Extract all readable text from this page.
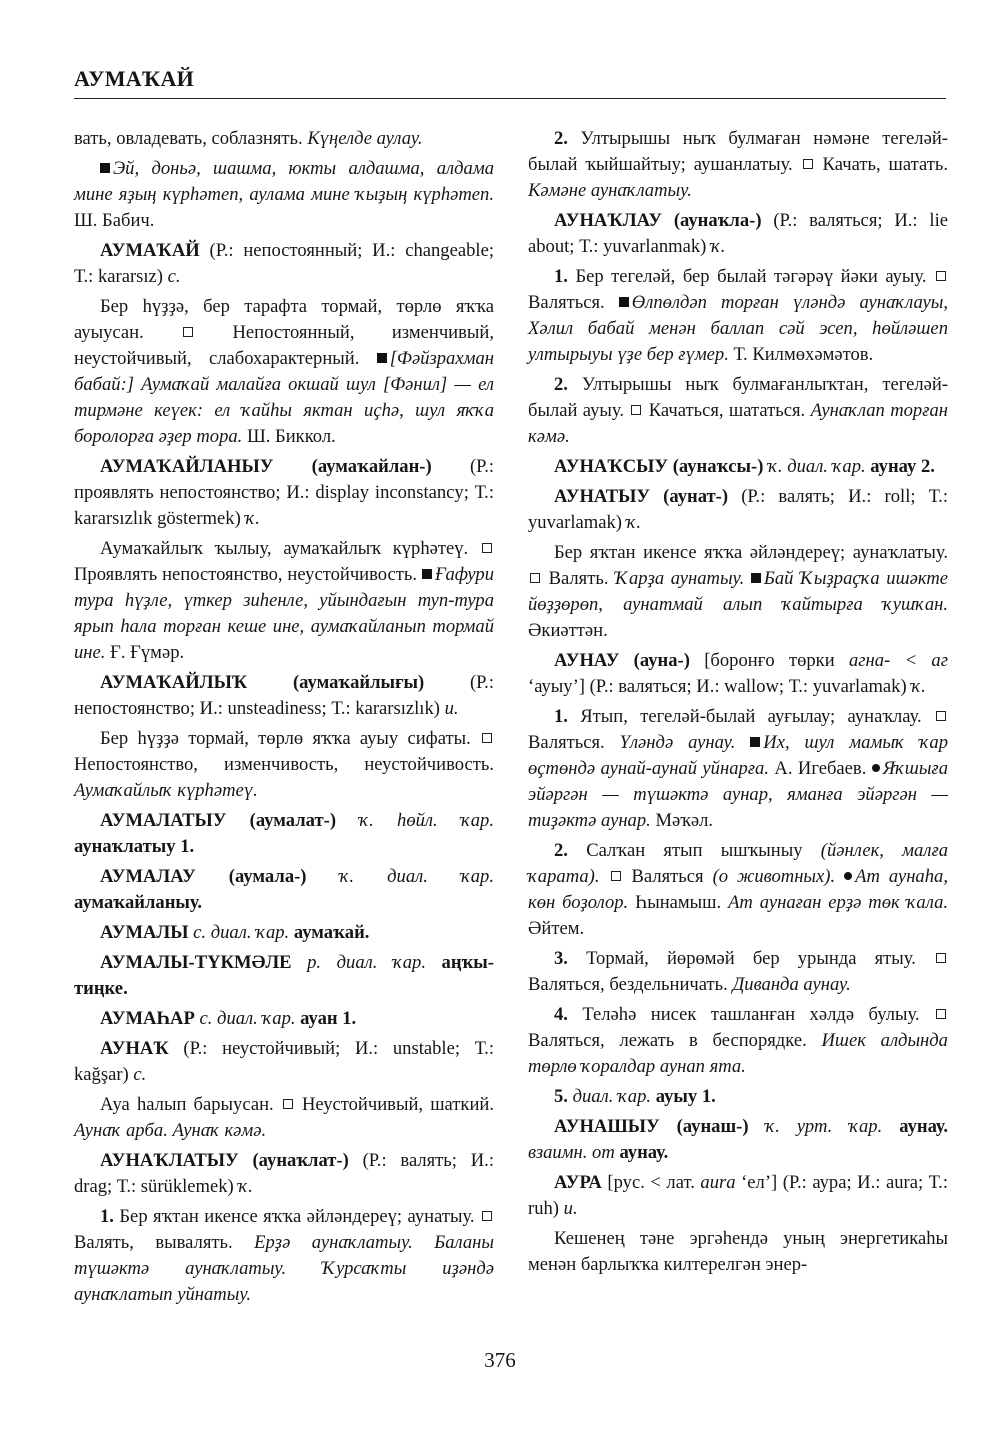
АУМАҠАЙ

вать, овладевать, соблазнять. Күңелде аулау.

Эй, доньə, шашма, юкты алдашма, алдама мине яҙың күрһəтеп, аулама мине ҡыҙың күрһəтеп. Ш. Бабич.

АУМАҠАЙ (Р.: непостоянный; И.: changeable; Т.: kararsız) с.

Бер һүҙҙə, бер тарафта тормай, төрлө яҡҡа ауыусан.  Непостоянный, изменчивый, неустойчивый, слабохарактерный. [Фəйзрахман бабай:] Аумаҡай малайға окшай шул [Фəнил] — ел тирмəне кеүек: ел ҡайһы яктан иҫһə, шул яҡҡа боролорға əҙер тора. Ш. Биккол.

АУМАҠАЙЛАНЫУ (аумаҡайлан-) (Р.: проявлять непостоянство; И.: display inconstancy; Т.: kararsızlık göstermek) ҡ.

Аумаҡайлыҡ ҡылыу, аумаҡайлыҡ күрһəтеү.  Проявлять непостоянство, неустойчивость. Ғафури тура һүҙле, үткер зиһенле, уйындағын туп-тура ярып һала торған кеше ине, аумаҡайланып тормай ине. Ғ. Ғүмəр.

АУМАҠАЙЛЫҠ (аумаҡайлығы) (Р.: непостоянство; И.: unsteadiness; Т.: kararsızlık) и.

Бер һүҙҙə тормай, төрлө яҡҡа ауыу сифаты.  Непостоянство, изменчивость, неустойчивость. Аумаҡайлыҡ күрһəтеү.

АУМАЛАТЫУ (аумалат-) ҡ. һөйл. ҡар. аунаҡлатыу 1.

АУМАЛАУ (аумала-) ҡ. диал. ҡар. аумаҡайланыу.

АУМАЛЫ с. диал. ҡар. аумаҡай.

АУМАЛЫ-ТҮКМƏЛЕ р. диал. ҡар. аңҡы-тиңке.

АУМАҺАР с. диал. ҡар. ауан 1.

АУНАҠ (Р.: неустойчивый; И.: unstable; Т.: kağşar) с.

Ауа һалып барыусан.  Неустойчивый, шаткий. Аунаҡ арба. Аунаҡ кəмə.

АУНАҠЛАТЫУ (аунаҡлат-) (Р.: валять; И.: drag; Т.: sürüklemek) ҡ.

1. Бер яҡтан икенсе яҡҡа əйлəндереү; аунатыу.  Валять, вывалять. Ерҙə аунаҡлатыу. Баланы түшəктə аунаҡлатыу. Ҡурсаҡты иҙəндə аунаҡлатып уйнатыу.

2. Ултырышы ныҡ булмаған нəмəне тегелəй-былай ҡыйшайтыу; аушанлатыу.  Качать, шатать. Кəмəне аунаҡлатыу.

АУНАҠЛАУ (аунаҡла-) (Р.: валяться; И.: lie about; Т.: yuvarlanmak) ҡ.

1. Бер тегелəй, бер былай тəгəрəү йəки ауыу.  Валяться. Өлпөлдəп торған үлəндə аунаҡлауы, Хəлил бабай менəн баллап сəй эсеп, һөйлəшеп ултырыуы үҙе бер ғүмер. Т. Килмөхəмəтов.

2. Ултырышы ныҡ булмағанлыҡтан, тегелəй-былай ауыу.  Качаться, шататься. Аунаҡлап торған кəмə.

АУНАҠСЫУ (аунаҡсы-) ҡ. диал. ҡар. аунау 2.

АУНАТЫУ (аунат-) (Р.: валять; И.: roll; Т.: yuvarlamak) ҡ.

Бер яҡтан икенсе яҡҡа əйлəндереү; аунаҡлатыу.  Валять. Ҡарҙа аунатыу. Бай Ҡыҙраҫҡа ишəкте йөҙҙөрөп, аунатмай алып ҡайтырға ҡушҡан. Əкиəттəн.

АУНАУ (ауна-) [боронғо төрки агна- < аг ‘ауыу’] (Р.: валяться; И.: wallow; Т.: yuvarlamak) ҡ.

1. Ятып, тегелəй-былай ауғылау; аунаҡлау.  Валяться. Үлəндə аунау. Их, шул мамыҡ ҡар өҫтөндə аунай-аунай уйнарға. А. Игебаев. Яҡшыға эйəргəн — түшəктə аунар, яманға эйəргəн — тиҙəктə аунар. Мəҡəл.

2. Салҡан ятып ышҡыныу (йəнлек, малға ҡарата).  Валяться (о животных). Ат аунаһа, көн боҙолор. Һынамыш. Ат аунаған ерҙə төк ҡала. Əйтем.

3. Тормай, йөрөмəй бер урында ятыу.  Валяться, бездельничать. Диванда аунау.

4. Телəһə нисек ташланған хəлдə булыу.  Валяться, лежать в беспорядке. Ишек алдында төрлө ҡоралдар аунап ята.

5. диал. ҡар. ауыу 1.

АУНАШЫУ (аунаш-) ҡ. урт. ҡар. аунау. взаимн. от аунау.

АУРА [рус. < лат. aura ‘ел’] (Р.: аура; И.: aura; Т.: ruh) и.

Кешенең тəне эргəһендə уның энергетикаһы менəн барлыҡҡа килтерелгəн энер-

376
